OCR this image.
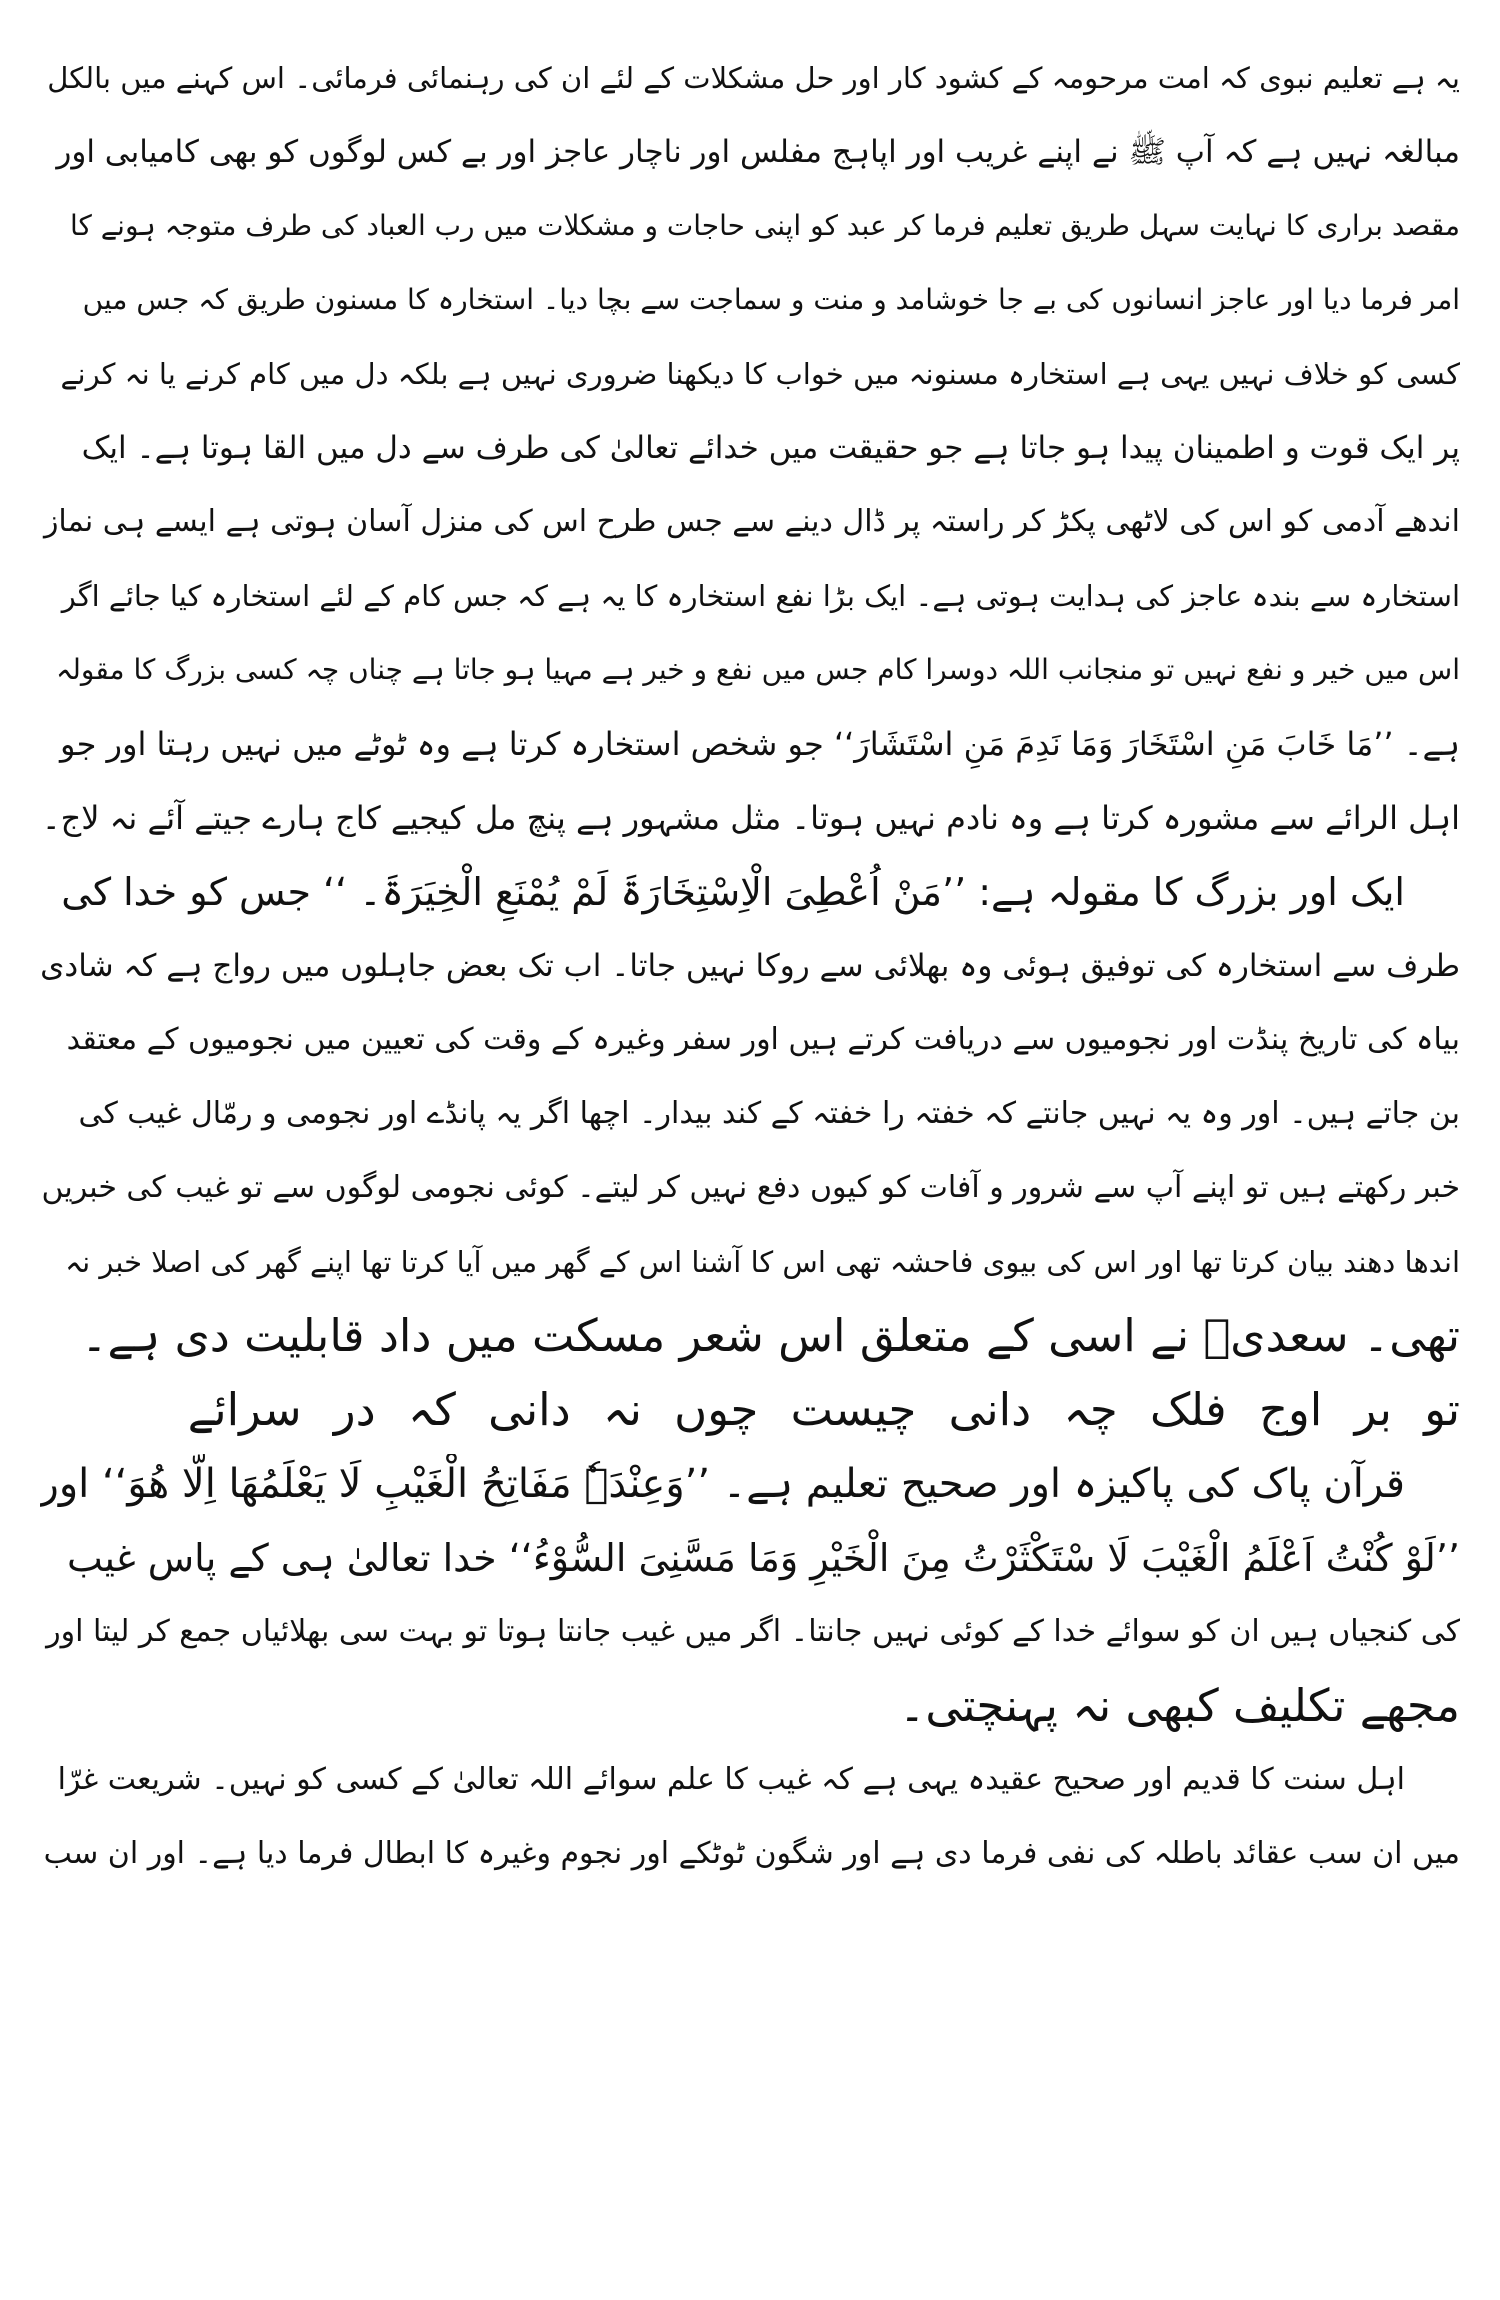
یہ ہے تعلیم نبوی کہ امت مرحومہ کے کشود کار اور حل مشکلات کے لئے ان کی رہنمائی فرمائی۔ اس کہنے میں بالکل
مبالغہ نہیں ہے کہ آپ ﷺ نے اپنے غریب اور اپاہج مفلس اور ناچار عاجز اور بے کس لوگوں کو بھی کامیابی اور
مقصد براری کا نہایت سہل طریق تعلیم فرما کر عبد کو اپنی حاجات و مشکلات میں رب العباد کی طرف متوجہ ہونے کا
امر فرما دیا اور عاجز انسانوں کی بے جا خوشامد و منت و سماجت سے بچا دیا۔ استخارہ کا مسنون طریق کہ جس میں
کسی کو خلاف نہیں یہی ہے استخارہ مسنونہ میں خواب کا دیکھنا ضروری نہیں ہے بلکہ دل میں کام کرنے یا نہ کرنے
پر ایک قوت و اطمینان پیدا ہو جاتا ہے جو حقیقت میں خدائے تعالیٰ کی طرف سے دل میں القا ہوتا ہے۔ ایک
اندھے آدمی کو اس کی لاٹھی پکڑ کر راستہ پر ڈال دینے سے جس طرح اس کی منزل آسان ہوتی ہے ایسے ہی نماز
استخارہ سے بندہ عاجز کی ہدایت ہوتی ہے۔ ایک بڑا نفع استخارہ کا یہ ہے کہ جس کام کے لئے استخارہ کیا جائے اگر
اس میں خیر و نفع نہیں تو منجانب اللہ دوسرا کام جس میں نفع و خیر ہے مہیا ہو جاتا ہے چناں چہ کسی بزرگ کا مقولہ
ہے۔ ’’مَا خَابَ مَنِ اسْتَخَارَ وَمَا نَدِمَ مَنِ اسْتَشَارَ‘‘ جو شخص استخارہ کرتا ہے وہ ٹوٹے میں نہیں رہتا اور جو
اہل الرائے سے مشورہ کرتا ہے وہ نادم نہیں ہوتا۔ مثل مشہور ہے پنچ مل کیجیے کاج ہارے جیتے آئے نہ لاج۔
ایک اور بزرگ کا مقولہ ہے: ’’مَنْ اُعْطِیَ الْاِسْتِخَارَۃَ لَمْ یُمْنَعِ الْخِیَرَۃَ۔ ‘‘ جس کو خدا کی
طرف سے استخارہ کی توفیق ہوئی وہ بھلائی سے روکا نہیں جاتا۔ اب تک بعض جاہلوں میں رواج ہے کہ شادی
بیاہ کی تاریخ پنڈت اور نجومیوں سے دریافت کرتے ہیں اور سفر وغیرہ کے وقت کی تعیین میں نجومیوں کے معتقد
بن جاتے ہیں۔ اور وہ یہ نہیں جانتے کہ خفتہ را خفتہ کے کند بیدار۔ اچھا اگر یہ پانڈے اور نجومی و رمّال غیب کی
خبر رکھتے ہیں تو اپنے آپ سے شرور و آفات کو کیوں دفع نہیں کر لیتے۔ کوئی نجومی لوگوں سے تو غیب کی خبریں
اندھا دھند بیان کرتا تھا اور اس کی بیوی فاحشہ تھی اس کا آشنا اس کے گھر میں آیا کرتا تھا اپنے گھر کی اصلا خبر نہ
تھی۔ سعدیؒ نے اسی کے متعلق اس شعر مسکت میں داد قابلیت دی ہے۔
تو بر اوج فلک چہ دانی چیست چوں نہ دانی کہ در سرائے
قرآن پاک کی پاکیزہ اور صحیح تعلیم ہے۔ ’’وَعِنْدَہٗ مَفَاتِحُ الْغَیْبِ لَا یَعْلَمُھَا اِلَّا ھُوَ‘‘ اور
’’لَوْ کُنْتُ اَعْلَمُ الْغَیْبَ لَا سْتَکْثَرْتُ مِنَ الْخَیْرِ وَمَا مَسَّنِیَ السُّوْءُ‘‘ خدا تعالیٰ ہی کے پاس غیب
کی کنجیاں ہیں ان کو سوائے خدا کے کوئی نہیں جانتا۔ اگر میں غیب جانتا ہوتا تو بہت سی بھلائیاں جمع کر لیتا اور
مجھے تکلیف کبھی نہ پہنچتی۔
اہل سنت کا قدیم اور صحیح عقیدہ یہی ہے کہ غیب کا علم سوائے اللہ تعالیٰ کے کسی کو نہیں۔ شریعت غرّا
میں ان سب عقائد باطلہ کی نفی فرما دی ہے اور شگون ٹوٹکے اور نجوم وغیرہ کا ابطال فرما دیا ہے۔ اور ان سب
